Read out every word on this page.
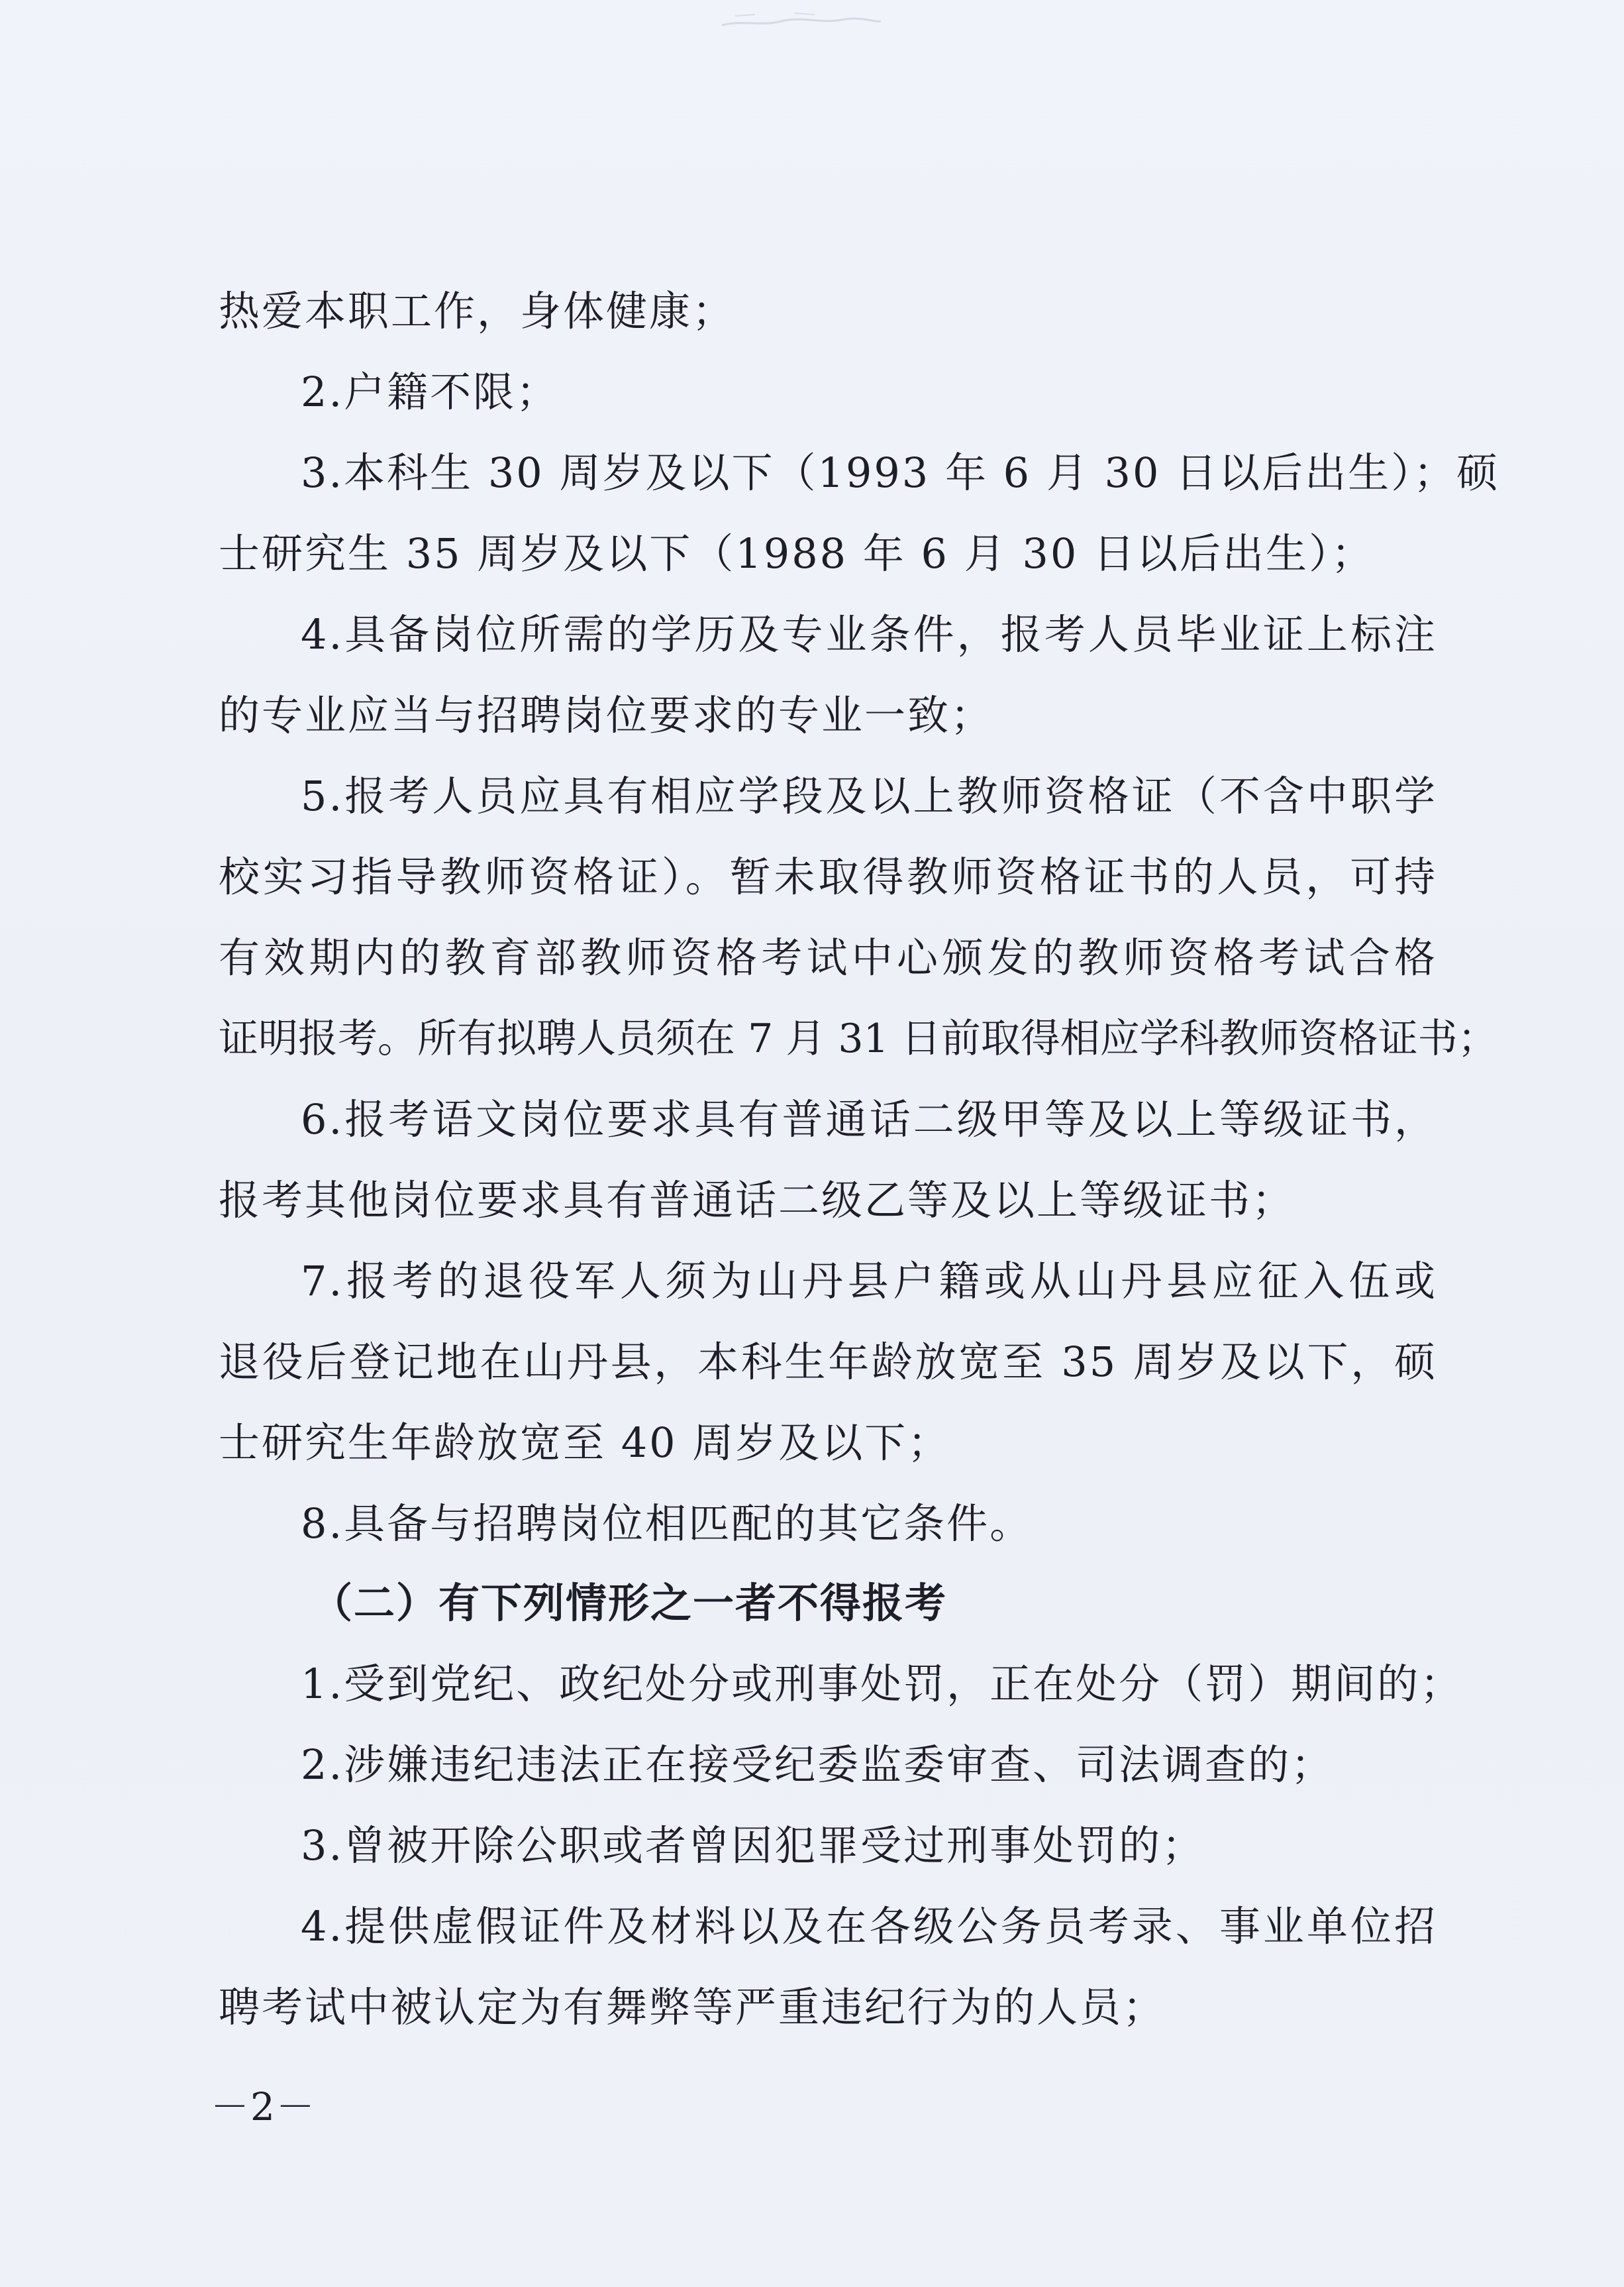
热爱本职工作，身体健康；
2.户籍不限；
3.本科生 30 周岁及以下（1993 年 6 月 30 日以后出生）；硕
士研究生 35 周岁及以下（1988 年 6 月 30 日以后出生）；
4.具备岗位所需的学历及专业条件，报考人员毕业证上标注
的专业应当与招聘岗位要求的专业一致；
5.报考人员应具有相应学段及以上教师资格证（不含中职学
校实习指导教师资格证）。暂未取得教师资格证书的人员，可持
有效期内的教育部教师资格考试中心颁发的教师资格考试合格
证明报考。所有拟聘人员须在 7 月 31 日前取得相应学科教师资格证书；
6.报考语文岗位要求具有普通话二级甲等及以上等级证书，
报考其他岗位要求具有普通话二级乙等及以上等级证书；
7.报考的退役军人须为山丹县户籍或从山丹县应征入伍或
退役后登记地在山丹县，本科生年龄放宽至 35 周岁及以下，硕
士研究生年龄放宽至 40 周岁及以下；
8.具备与招聘岗位相匹配的其它条件。
（二）有下列情形之一者不得报考
1.受到党纪、政纪处分或刑事处罚，正在处分（罚）期间的；
2.涉嫌违纪违法正在接受纪委监委审查、司法调查的；
3.曾被开除公职或者曾因犯罪受过刑事处罚的；
4.提供虚假证件及材料以及在各级公务员考录、事业单位招
聘考试中被认定为有舞弊等严重违纪行为的人员；
－2－
